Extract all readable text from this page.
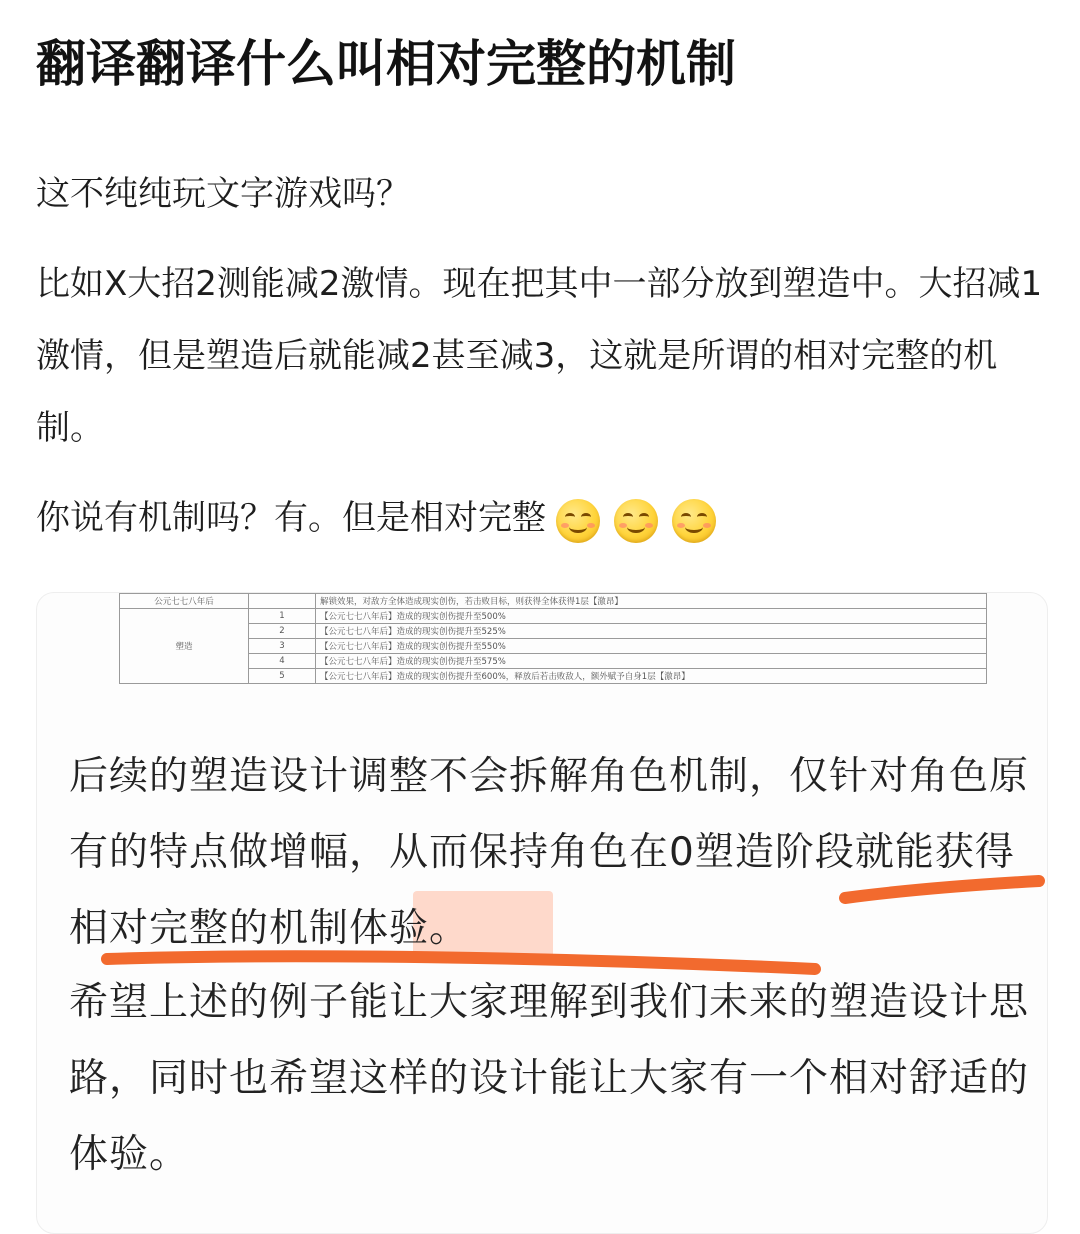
翻译翻译什么叫相对完整的机制
这不纯纯玩文字游戏吗？
比如X大招2测能减2激情。现在把其中一部分放到塑造中。大招减1激情，但是塑造后就能减2甚至减3，这就是所谓的相对完整的机制。
你说有机制吗？有。但是相对完整
公元七七八年后		解锁效果，对敌方全体造成现实创伤，若击败目标，则获得全体获得1层【激昂】
塑造	1	【公元七七八年后】造成的现实创伤提升至500%
	2	【公元七七八年后】造成的现实创伤提升至525%
	3	【公元七七八年后】造成的现实创伤提升至550%
	4	【公元七七八年后】造成的现实创伤提升至575%
	5	【公元七七八年后】造成的现实创伤提升至600%，释放后若击败敌人，额外赋予自身1层【激昂】
后续的塑造设计调整不会拆解角色机制，仅针对角色原有的特点做增幅，从而保持角色在0塑造阶段就能获得相对完整的机制体验。
希望上述的例子能让大家理解到我们未来的塑造设计思路，同时也希望这样的设计能让大家有一个相对舒适的体验。
